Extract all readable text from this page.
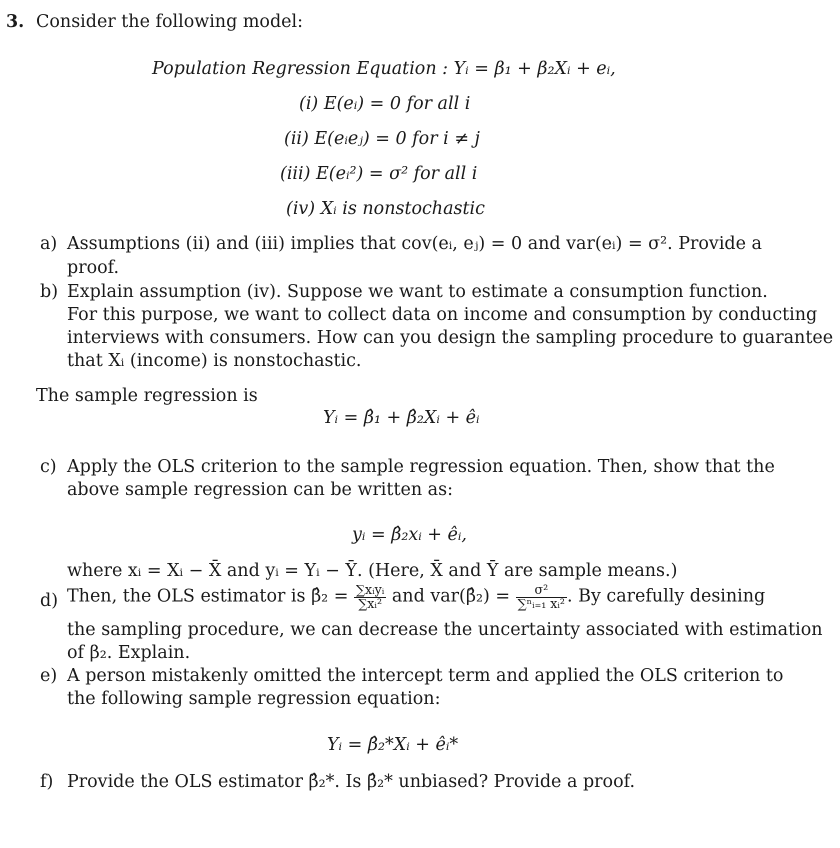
3. Consider the following model:
Population Regression Equation : Yᵢ = β₁ + β₂Xᵢ + eᵢ,
(i) E(eᵢ) = 0 for all i
(ii) E(eᵢeⱼ) = 0 for i ≠ j
(iii) E(eᵢ²) = σ² for all i
(iv) Xᵢ is nonstochastic
a) Assumptions (ii) and (iii) implies that cov(eᵢ, eⱼ) = 0 and var(eᵢ) = σ². Provide a
proof.
b) Explain assumption (iv). Suppose we want to estimate a consumption function.
For this purpose, we want to collect data on income and consumption by conducting
interviews with consumers. How can you design the sampling procedure to guarantee
that Xᵢ (income) is nonstochastic.
The sample regression is
Yᵢ = β̂₁ + β̂₂Xᵢ + êᵢ
c) Apply the OLS criterion to the sample regression equation. Then, show that the
above sample regression can be written as:
yᵢ = β̂₂xᵢ + êᵢ,
where xᵢ = Xᵢ − X̄ and yᵢ = Yᵢ − Ȳ. (Here, X̄ and Ȳ are sample means.)
d) Then, the OLS estimator is β̂₂ = $\frac{\text{∑xᵢyᵢ}}{\text{∑xᵢ²}}$ and var(β̂₂) = $\frac{\text{σ²}}{\text{∑ⁿᵢ₌₁ xᵢ²}}$ . By carefully desining
the sampling procedure, we can decrease the uncertainty associated with estimation
of β₂. Explain.
e) A person mistakenly omitted the intercept term and applied the OLS criterion to
the following sample regression equation:
Yᵢ = β̂₂*Xᵢ + êᵢ*
f) Provide the OLS estimator β̂₂*. Is β̂₂* unbiased? Provide a proof.
